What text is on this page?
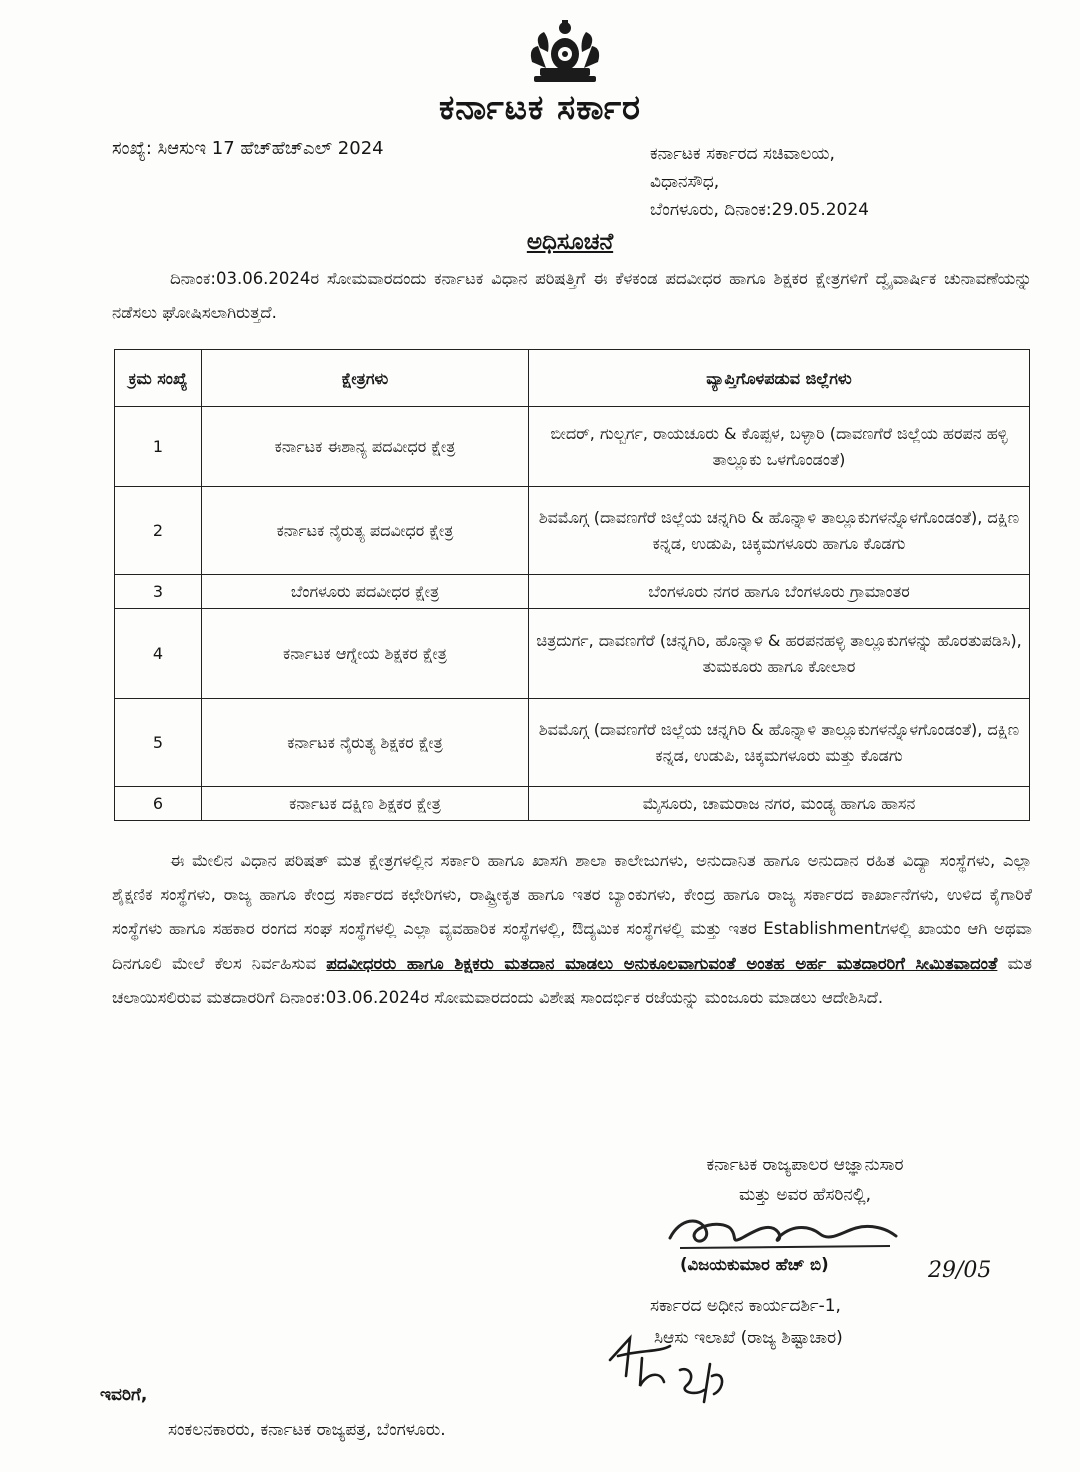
ಕರ್ನಾಟಕ ಸರ್ಕಾರ
ಸಂಖ್ಯೆ: ಸಿಆಸುಇ 17 ಹೆಚ್‌ಹೆಚ್‌ಎಲ್ 2024	ಕರ್ನಾಟಕ ಸರ್ಕಾರದ ಸಚಿವಾಲಯ,
ವಿಧಾನಸೌಧ,
ಬೆಂಗಳೂರು, ದಿನಾಂಕ:29.05.2024
ಅಧಿಸೂಚನೆ
ದಿನಾಂಕ:03.06.2024ರ ಸೋಮವಾರದಂದು ಕರ್ನಾಟಕ ವಿಧಾನ ಪರಿಷತ್ತಿಗೆ ಈ ಕೆಳಕಂಡ ಪದವೀಧರ ಹಾಗೂ ಶಿಕ್ಷಕರ ಕ್ಷೇತ್ರಗಳಿಗೆ ದ್ವೈವಾರ್ಷಿಕ ಚುನಾವಣೆಯನ್ನು ನಡೆಸಲು ಘೋಷಿಸಲಾಗಿರುತ್ತದೆ.
ಕ್ರಮ ಸಂಖ್ಯೆ	ಕ್ಷೇತ್ರಗಳು	ವ್ಯಾಪ್ತಿಗೊಳಪಡುವ ಜಿಲ್ಲೆಗಳು
1	ಕರ್ನಾಟಕ ಈಶಾನ್ಯ ಪದವೀಧರ ಕ್ಷೇತ್ರ	ಬೀದರ್, ಗುಲ್ಬರ್ಗ, ರಾಯಚೂರು & ಕೊಪ್ಪಳ, ಬಳ್ಳಾರಿ (ದಾವಣಗೆರೆ ಜಿಲ್ಲೆಯ ಹರಪನ ಹಳ್ಳಿ ತಾಲ್ಲೂಕು ಒಳಗೊಂಡಂತೆ)
2	ಕರ್ನಾಟಕ ನೈರುತ್ಯ ಪದವೀಧರ ಕ್ಷೇತ್ರ	ಶಿವಮೊಗ್ಗ (ದಾವಣಗೆರೆ ಜಿಲ್ಲೆಯ ಚನ್ನಗಿರಿ & ಹೊನ್ನಾಳಿ ತಾಲ್ಲೂಕುಗಳನ್ನೊಳಗೊಂಡಂತೆ), ದಕ್ಷಿಣ ಕನ್ನಡ, ಉಡುಪಿ, ಚಿಕ್ಕಮಗಳೂರು ಹಾಗೂ ಕೊಡಗು
3	ಬೆಂಗಳೂರು ಪದವೀಧರ ಕ್ಷೇತ್ರ	ಬೆಂಗಳೂರು ನಗರ ಹಾಗೂ ಬೆಂಗಳೂರು ಗ್ರಾಮಾಂತರ
4	ಕರ್ನಾಟಕ ಆಗ್ನೇಯ ಶಿಕ್ಷಕರ ಕ್ಷೇತ್ರ	ಚಿತ್ರದುರ್ಗ, ದಾವಣಗೆರೆ (ಚನ್ನಗಿರಿ, ಹೊನ್ನಾಳಿ & ಹರಪನಹಳ್ಳಿ ತಾಲ್ಲೂಕುಗಳನ್ನು ಹೊರತುಪಡಿಸಿ), ತುಮಕೂರು ಹಾಗೂ ಕೋಲಾರ
5	ಕರ್ನಾಟಕ ನೈರುತ್ಯ ಶಿಕ್ಷಕರ ಕ್ಷೇತ್ರ	ಶಿವಮೊಗ್ಗ (ದಾವಣಗೆರೆ ಜಿಲ್ಲೆಯ ಚನ್ನಗಿರಿ & ಹೊನ್ನಾಳಿ ತಾಲ್ಲೂಕುಗಳನ್ನೊಳಗೊಂಡಂತೆ), ದಕ್ಷಿಣ ಕನ್ನಡ, ಉಡುಪಿ, ಚಿಕ್ಕಮಗಳೂರು ಮತ್ತು ಕೊಡಗು
6	ಕರ್ನಾಟಕ ದಕ್ಷಿಣ ಶಿಕ್ಷಕರ ಕ್ಷೇತ್ರ	ಮೈಸೂರು, ಚಾಮರಾಜ ನಗರ, ಮಂಡ್ಯ ಹಾಗೂ ಹಾಸನ
ಈ ಮೇಲಿನ ವಿಧಾನ ಪರಿಷತ್ ಮತ ಕ್ಷೇತ್ರಗಳಲ್ಲಿನ ಸರ್ಕಾರಿ ಹಾಗೂ ಖಾಸಗಿ ಶಾಲಾ ಕಾಲೇಜುಗಳು, ಅನುದಾನಿತ ಹಾಗೂ ಅನುದಾನ ರಹಿತ ವಿದ್ಯಾ ಸಂಸ್ಥೆಗಳು, ಎಲ್ಲಾ ಶೈಕ್ಷಣಿಕ ಸಂಸ್ಥೆಗಳು, ರಾಜ್ಯ ಹಾಗೂ ಕೇಂದ್ರ ಸರ್ಕಾರದ ಕಛೇರಿಗಳು, ರಾಷ್ಟ್ರೀಕೃತ ಹಾಗೂ ಇತರ ಬ್ಯಾಂಕುಗಳು, ಕೇಂದ್ರ ಹಾಗೂ ರಾಜ್ಯ ಸರ್ಕಾರದ ಕಾರ್ಖಾನೆಗಳು, ಉಳಿದ ಕೈಗಾರಿಕೆ ಸಂಸ್ಥೆಗಳು ಹಾಗೂ ಸಹಕಾರ ರಂಗದ ಸಂಘ ಸಂಸ್ಥೆಗಳಲ್ಲಿ ಎಲ್ಲಾ ವ್ಯವಹಾರಿಕ ಸಂಸ್ಥೆಗಳಲ್ಲಿ, ಔದ್ಯಮಿಕ ಸಂಸ್ಥೆಗಳಲ್ಲಿ ಮತ್ತು ಇತರ Establishmentಗಳಲ್ಲಿ ಖಾಯಂ ಆಗಿ ಅಥವಾ ದಿನಗೂಲಿ ಮೇಲೆ ಕೆಲಸ ನಿರ್ವಹಿಸುವ ಪದವೀಧರರು ಹಾಗೂ ಶಿಕ್ಷಕರು ಮತದಾನ ಮಾಡಲು ಅನುಕೂಲವಾಗುವಂತೆ ಅಂತಹ ಅರ್ಹ ಮತದಾರರಿಗೆ ಸೀಮಿತವಾದಂತೆ ಮತ ಚಲಾಯಿಸಲಿರುವ ಮತದಾರರಿಗೆ ದಿನಾಂಕ:03.06.2024ರ ಸೋಮವಾರದಂದು ವಿಶೇಷ ಸಾಂದರ್ಭಿಕ ರಜೆಯನ್ನು ಮಂಜೂರು ಮಾಡಲು ಆದೇಶಿಸಿದೆ.
ಕರ್ನಾಟಕ ರಾಜ್ಯಪಾಲರ ಆಜ್ಞಾನುಸಾರ
ಮತ್ತು ಅವರ ಹೆಸರಿನಲ್ಲಿ,
(ವಿಜಯಕುಮಾರ ಹೆಚ್ ಬಿ)	29/05
ಸರ್ಕಾರದ ಅಧೀನ ಕಾರ್ಯದರ್ಶಿ-1,
ಸಿಆಸು ಇಲಾಖೆ (ರಾಜ್ಯ ಶಿಷ್ಟಾಚಾರ)
ಇವರಿಗೆ,
ಸಂಕಲನಕಾರರು, ಕರ್ನಾಟಕ ರಾಜ್ಯಪತ್ರ, ಬೆಂಗಳೂರು.
